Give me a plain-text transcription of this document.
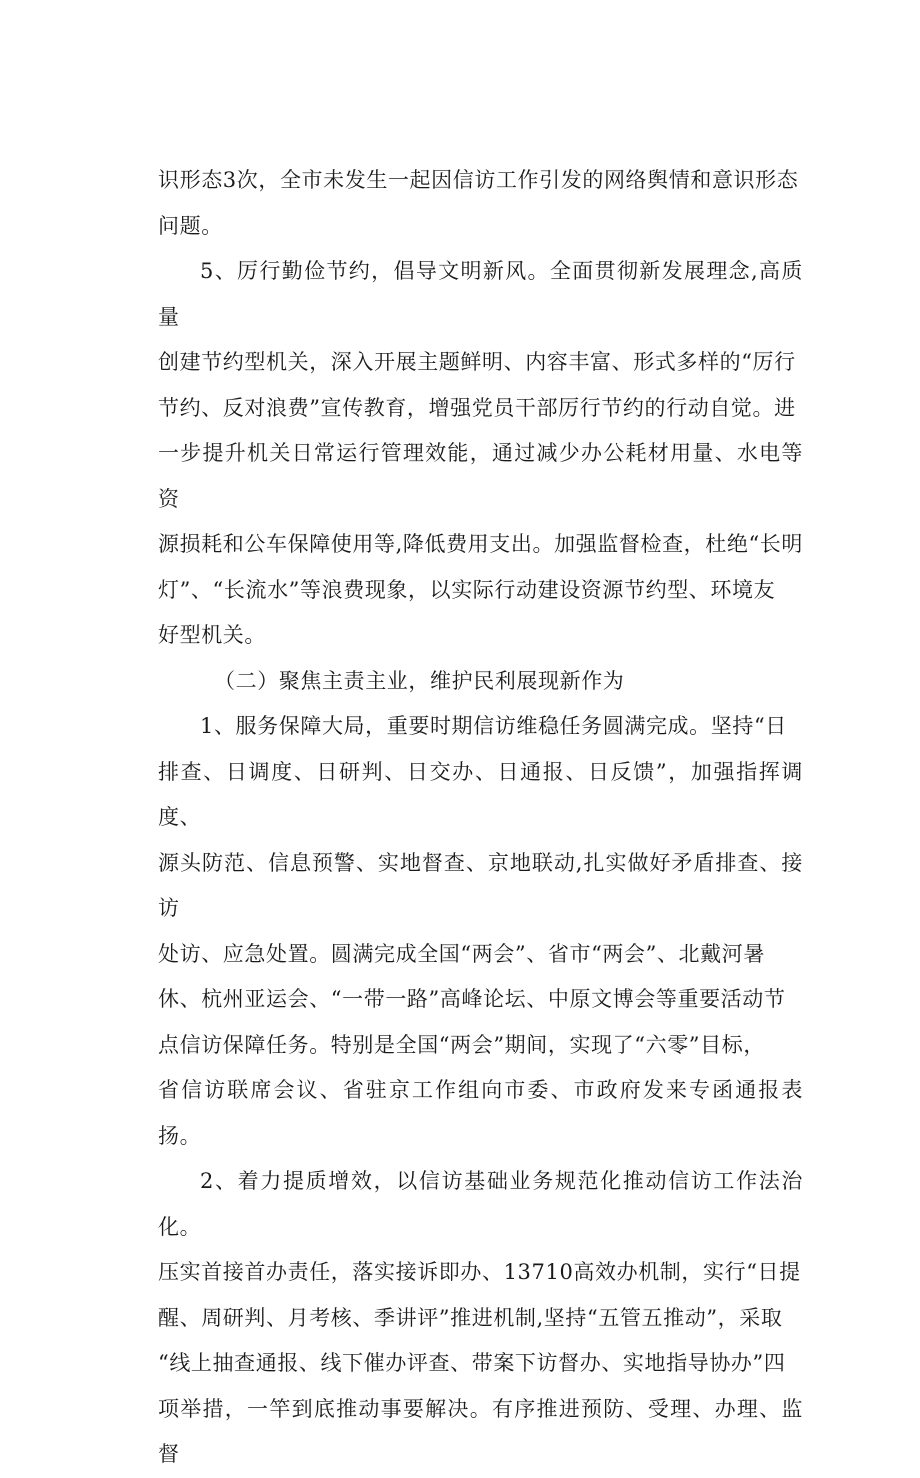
识形态3次，全市未发生一起因信访工作引发的网络舆情和意识形态
问题。

5、厉行勤俭节约，倡导文明新风。全面贯彻新发展理念,高质量
创建节约型机关，深入开展主题鲜明、内容丰富、形式多样的“厉行
节约、反对浪费”宣传教育，增强党员干部厉行节约的行动自觉。进
一步提升机关日常运行管理效能，通过减少办公耗材用量、水电等资
源损耗和公车保障使用等,降低费用支出。加强监督检查，杜绝“长明
灯”、“长流水”等浪费现象，以实际行动建设资源节约型、环境友
好型机关。

（二）聚焦主责主业，维护民利展现新作为

1、服务保障大局，重要时期信访维稳任务圆满完成。坚持“日
排查、日调度、日研判、日交办、日通报、日反馈”，加强指挥调度、
源头防范、信息预警、实地督查、京地联动,扎实做好矛盾排查、接访
处访、应急处置。圆满完成全国“两会”、省市“两会”、北戴河暑
休、杭州亚运会、“一带一路”高峰论坛、中原文博会等重要活动节
点信访保障任务。特别是全国“两会”期间，实现了“六零”目标，
省信访联席会议、省驻京工作组向市委、市政府发来专函通报表扬。

2、着力提质增效，以信访基础业务规范化推动信访工作法治化。
压实首接首办责任，落实接诉即办、13710高效办机制，实行“日提
醒、周研判、月考核、季讲评”推进机制,坚持“五管五推动”，采取
“线上抽查通报、线下催办评查、带案下访督办、实地指导协办”四
项举措，一竿到底推动事要解决。有序推进预防、受理、办理、监督
